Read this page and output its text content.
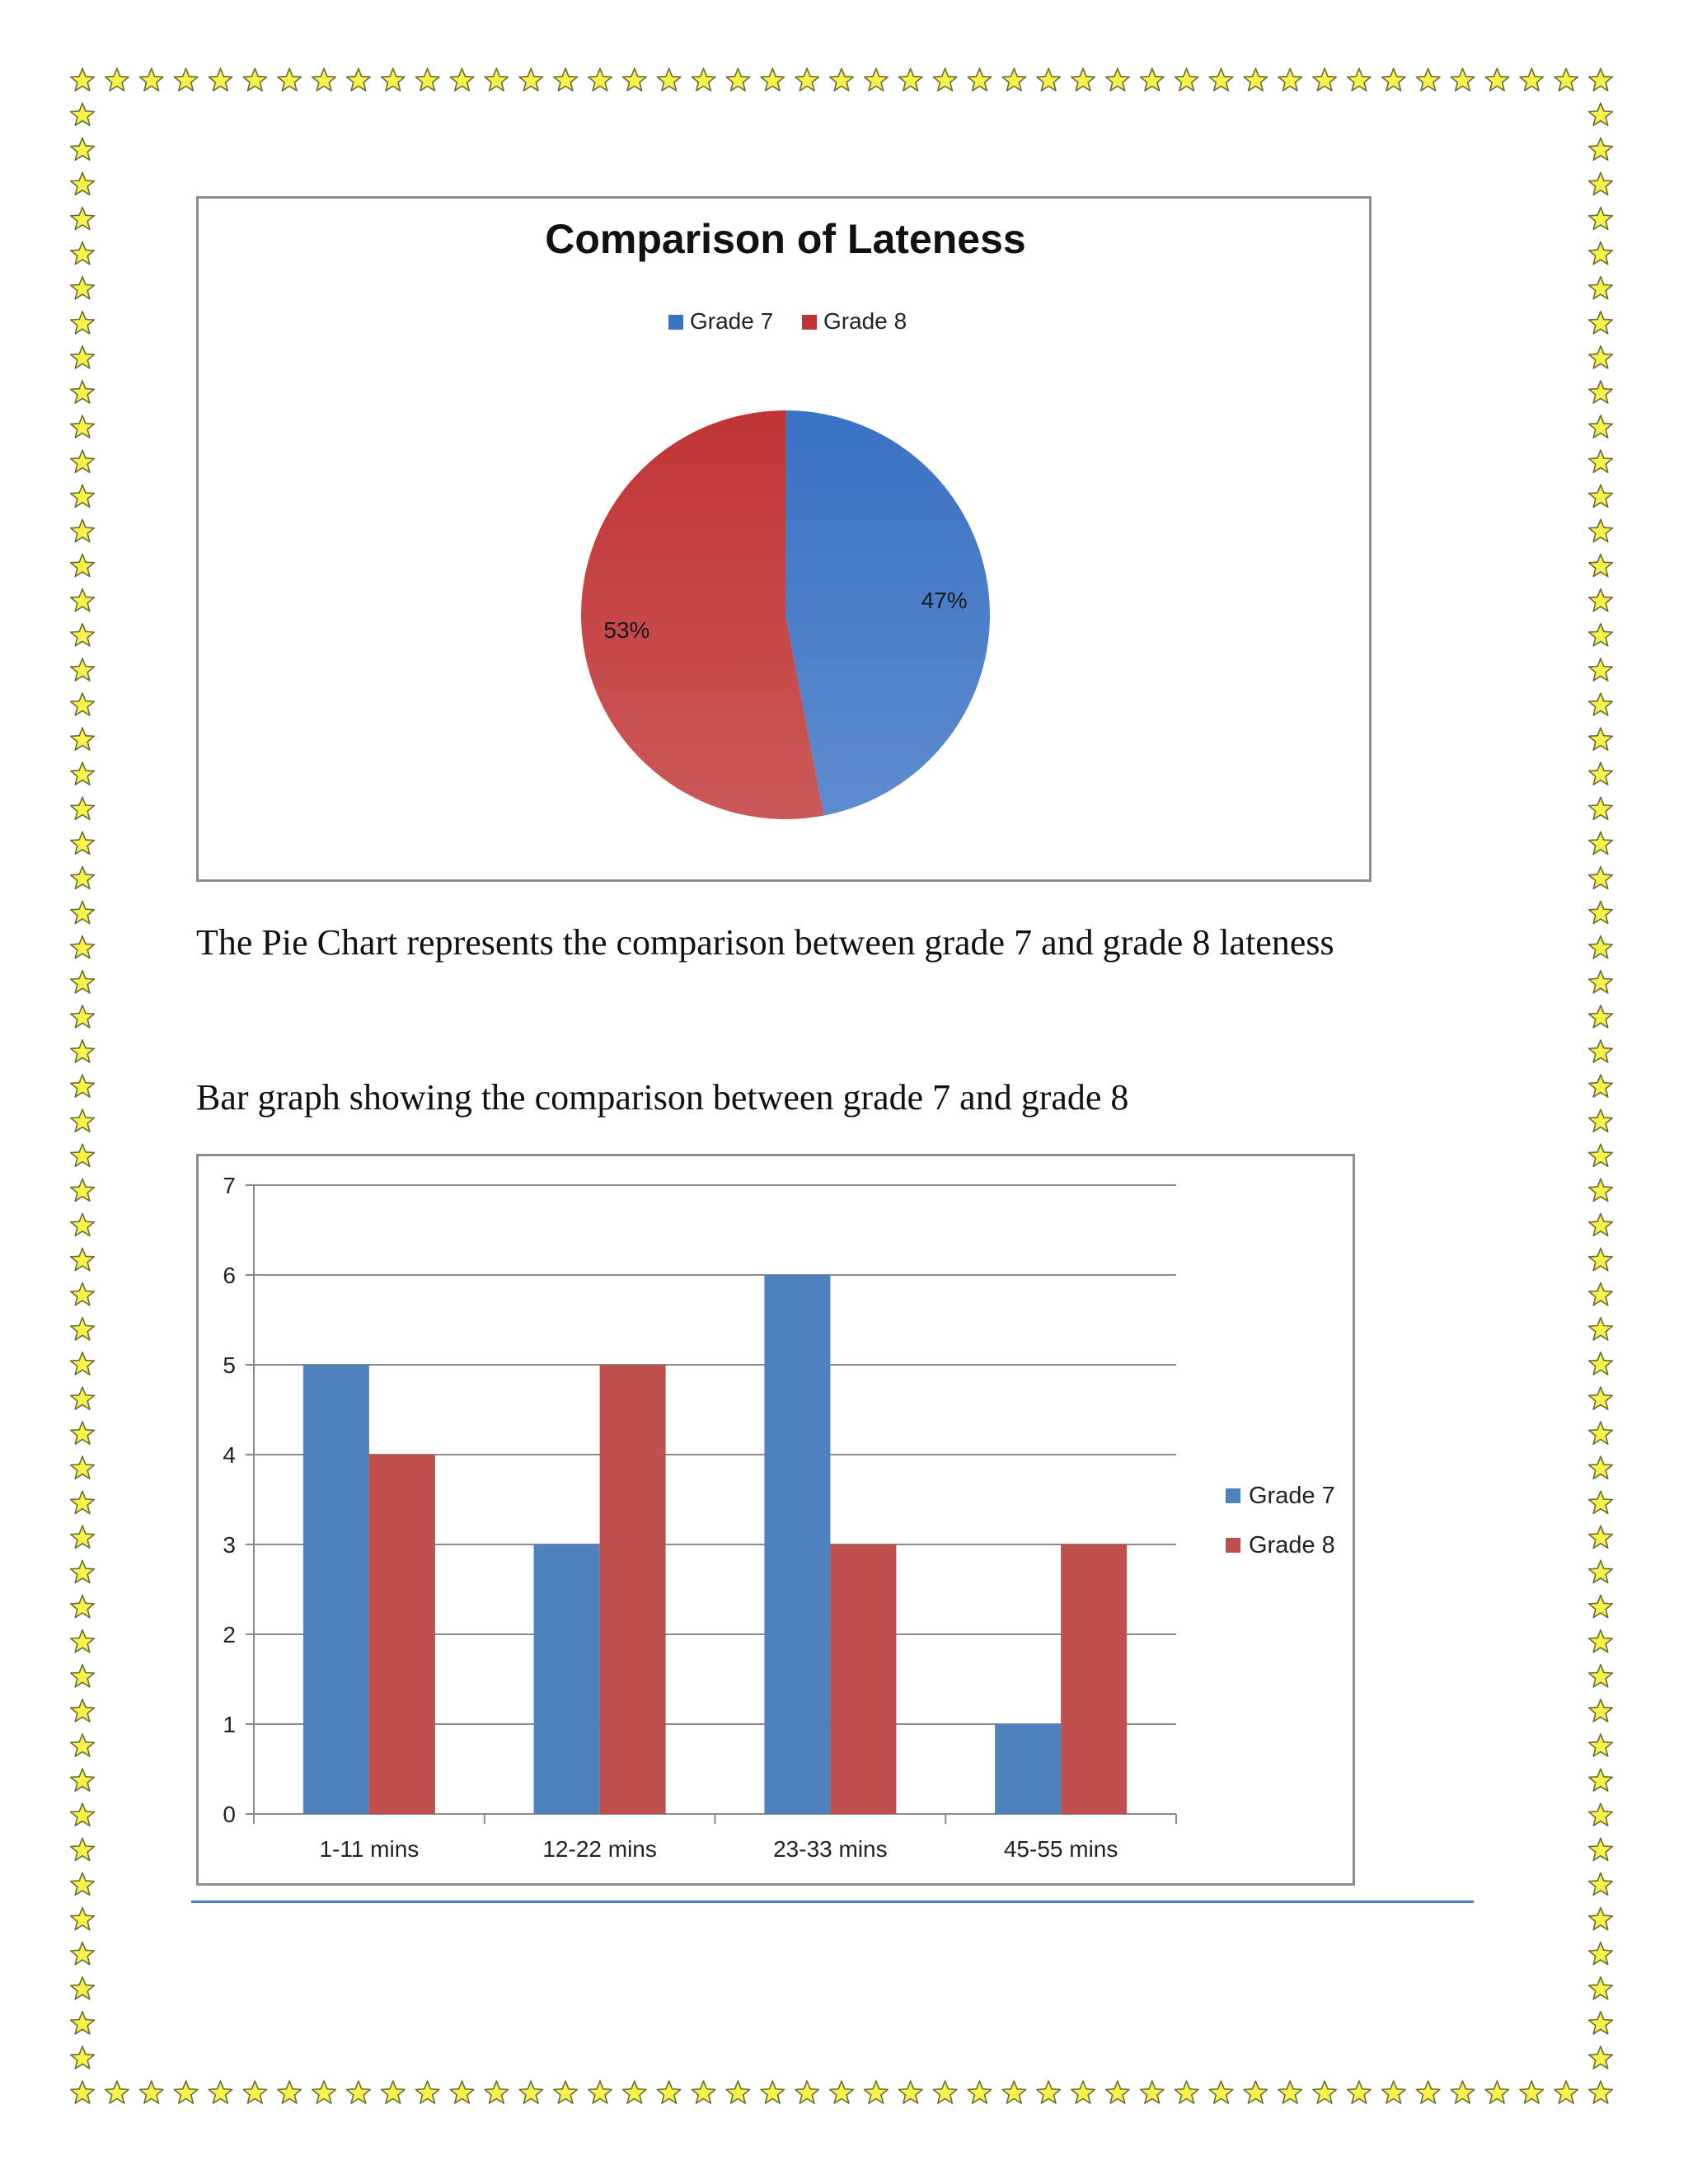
Comparison of Lateness
Grade 7 Grade 8
47%
53%
The Pie Chart represents the comparison between grade 7 and grade 8 lateness
Bar graph showing the comparison between grade 7 and grade 8
0
1
2
3
4
5
6
7
1-11 mins	12-22 mins	23-33 mins	45-55 mins
Grade 7
Grade 8
